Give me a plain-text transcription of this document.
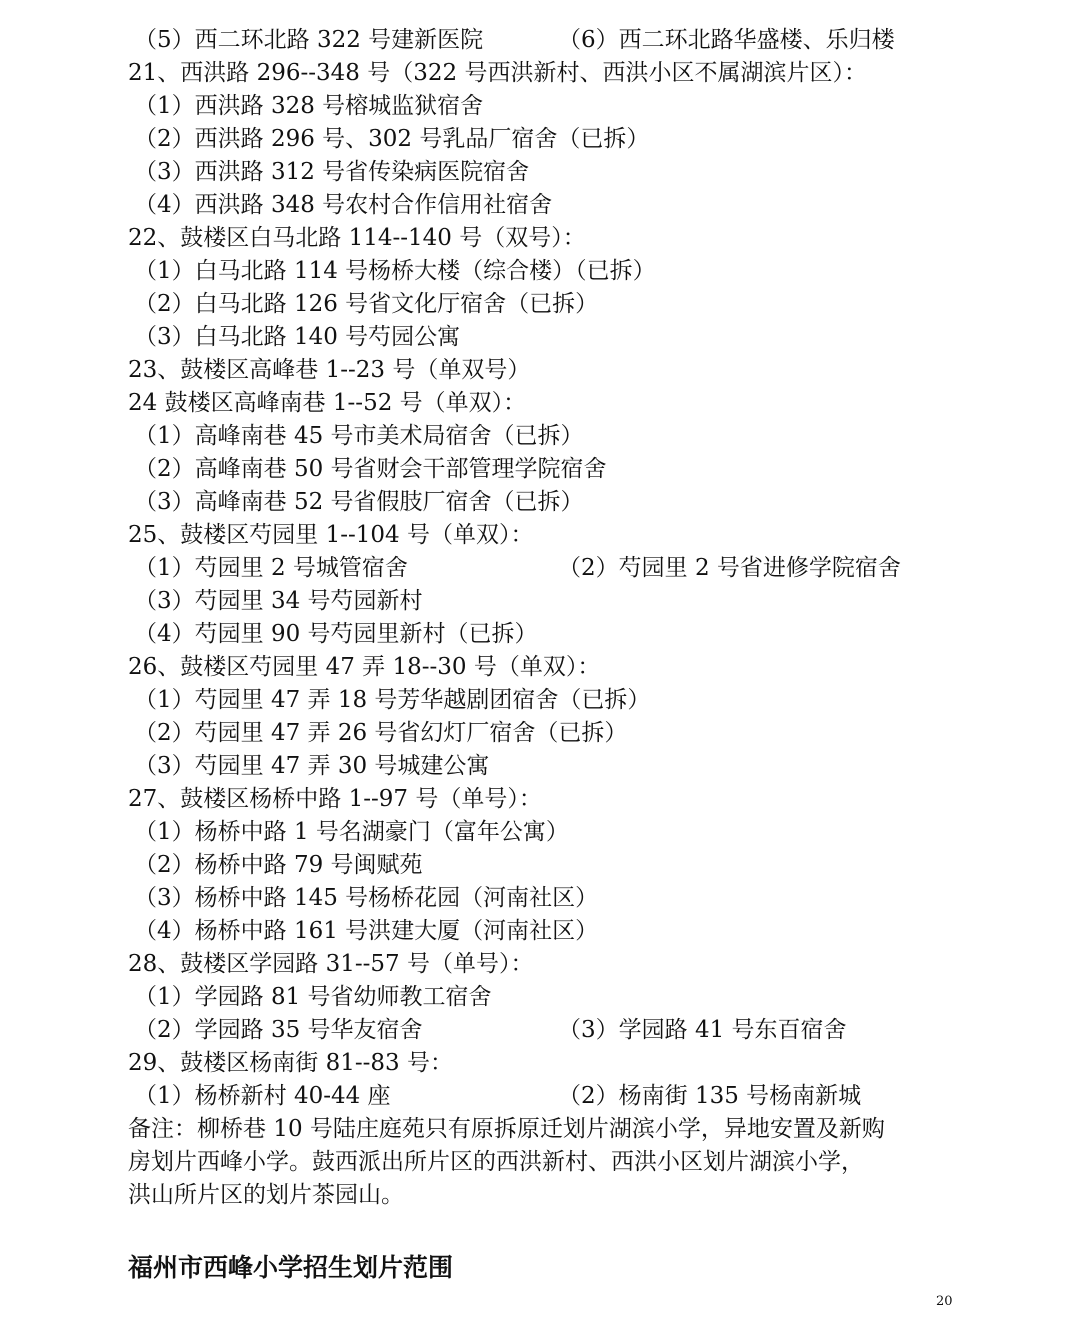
（5）西二环北路 322 号建新医院	（6）西二环北路华盛楼、乐归楼
21、西洪路 296--348 号（322 号西洪新村、西洪小区不属湖滨片区）：
（1）西洪路 328 号榕城监狱宿舍
（2）西洪路 296 号、302 号乳品厂宿舍（已拆）
（3）西洪路 312 号省传染病医院宿舍
（4）西洪路 348 号农村合作信用社宿舍
22、鼓楼区白马北路 114--140 号（双号）：
（1）白马北路 114 号杨桥大楼（综合楼）（已拆）
（2）白马北路 126 号省文化厅宿舍（已拆）
（3）白马北路 140 号芍园公寓
23、鼓楼区高峰巷 1--23 号（单双号）
24 鼓楼区高峰南巷 1--52 号（单双）：
（1）高峰南巷 45 号市美术局宿舍（已拆）
（2）高峰南巷 50 号省财会干部管理学院宿舍
（3）高峰南巷 52 号省假肢厂宿舍（已拆）
25、鼓楼区芍园里 1--104 号（单双）：
（1）芍园里 2 号城管宿舍	（2）芍园里 2 号省进修学院宿舍
（3）芍园里 34 号芍园新村
（4）芍园里 90 号芍园里新村（已拆）
26、鼓楼区芍园里 47 弄 18--30 号（单双）：
（1）芍园里 47 弄 18 号芳华越剧团宿舍（已拆）
（2）芍园里 47 弄 26 号省幻灯厂宿舍（已拆）
（3）芍园里 47 弄 30 号城建公寓
27、鼓楼区杨桥中路 1--97 号（单号）：
（1）杨桥中路 1 号名湖豪门（富年公寓）
（2）杨桥中路 79 号闽赋苑
（3）杨桥中路 145 号杨桥花园（河南社区）
（4）杨桥中路 161 号洪建大厦（河南社区）
28、鼓楼区学园路 31--57 号（单号）：
（1）学园路 81 号省幼师教工宿舍
（2）学园路 35 号华友宿舍	（3）学园路 41 号东百宿舍
29、鼓楼区杨南街 81--83 号：
（1）杨桥新村 40-44 座	（2）杨南街 135 号杨南新城
备注：柳桥巷 10 号陆庄庭苑只有原拆原迁划片湖滨小学，异地安置及新购
房划片西峰小学。鼓西派出所片区的西洪新村、西洪小区划片湖滨小学，
洪山所片区的划片茶园山。
福州市西峰小学招生划片范围
20
